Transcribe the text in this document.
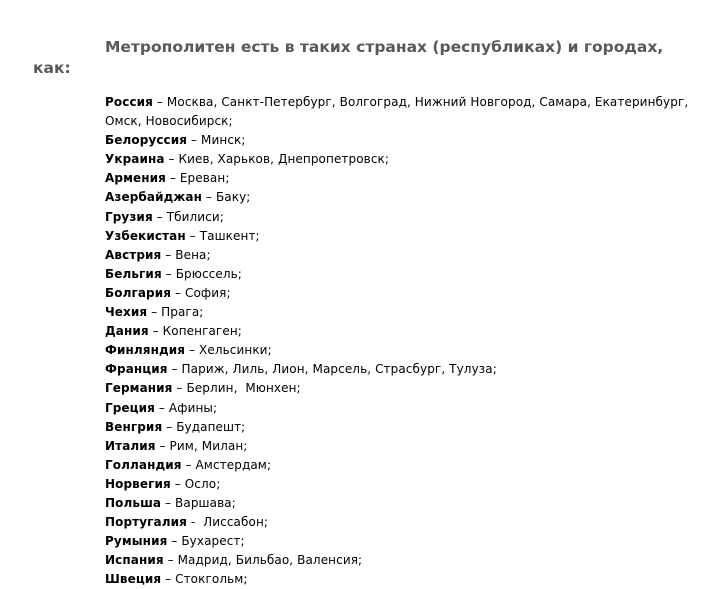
Метрополитен есть в таких странах (республиках) и городах, как:

Россия – Москва, Санкт-Петербург, Волгоград, Нижний Новгород, Самара, Екатеринбург, Омск, Новосибирск;

Белоруссия – Минск;

Украина – Киев, Харьков, Днепропетровск;

Армения – Ереван;

Азербайджан – Баку;

Грузия – Тбилиси;

Узбекистан – Ташкент;

Австрия – Вена;

Бельгия – Брюссель;

Болгария – София;

Чехия – Прага;

Дания – Копенгаген;

Финляндия – Хельсинки;

Франция – Париж, Лиль, Лион, Марсель, Страсбург, Тулуза;

Германия – Берлин,  Мюнхен;

Греция – Афины;

Венгрия – Будапешт;

Италия – Рим, Милан;

Голландия – Амстердам;

Норвегия – Осло;

Польша – Варшава;

Португалия -  Лиссабон;

Румыния – Бухарест;

Испания – Мадрид, Бильбао, Валенсия;

Швеция – Стокгольм;
